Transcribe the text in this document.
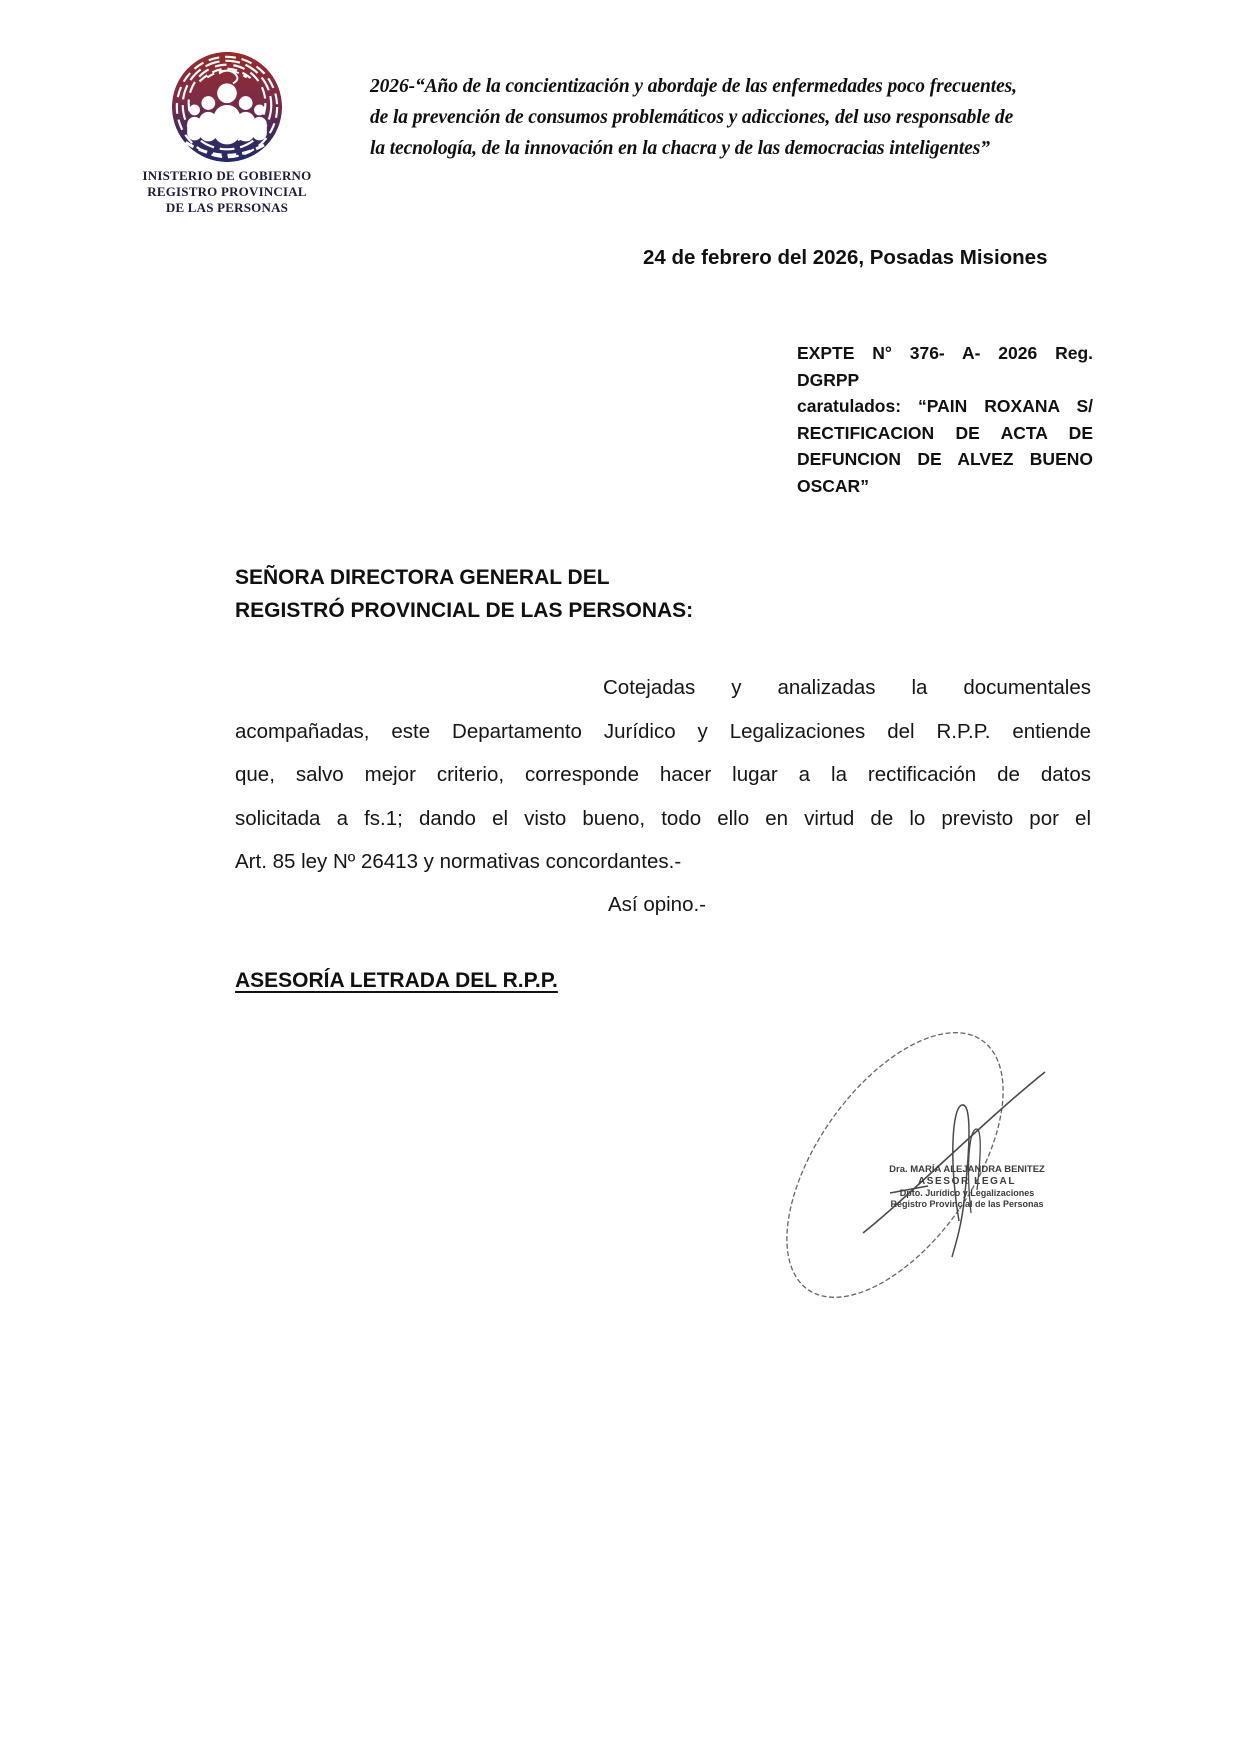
INISTERIO DE GOBIERNO
REGISTRO PROVINCIAL
DE LAS PERSONAS
2026-“Año de la concientización y abordaje de las enfermedades poco frecuentes,
de la prevención de consumos problemáticos y adicciones, del uso responsable de
la tecnología, de la innovación en la chacra y de las democracias inteligentes”
24 de febrero del 2026, Posadas Misiones
EXPTE N° 376- A- 2026 Reg. DGRPP
caratulados: “PAIN ROXANA S/
RECTIFICACION DE ACTA DE
DEFUNCION DE ALVEZ BUENO
OSCAR”
SEÑORA DIRECTORA GENERAL DEL
REGISTRÓ PROVINCIAL DE LAS PERSONAS:
Cotejadas y analizadas la documentales
acompañadas, este Departamento Jurídico y Legalizaciones del R.P.P. entiende
que, salvo mejor criterio, corresponde hacer lugar a la rectificación de datos
solicitada a fs.1; dando el visto bueno, todo ello en virtud de lo previsto por el
Art. 85 ley Nº 26413 y normativas concordantes.-
Así opino.-
ASESORÍA LETRADA DEL R.P.P.
Dra. MARÍA ALEJANDRA BENITEZ
ASESOR LEGAL
Dpto. Jurídico y Legalizaciones
Registro Provincial de las Personas
